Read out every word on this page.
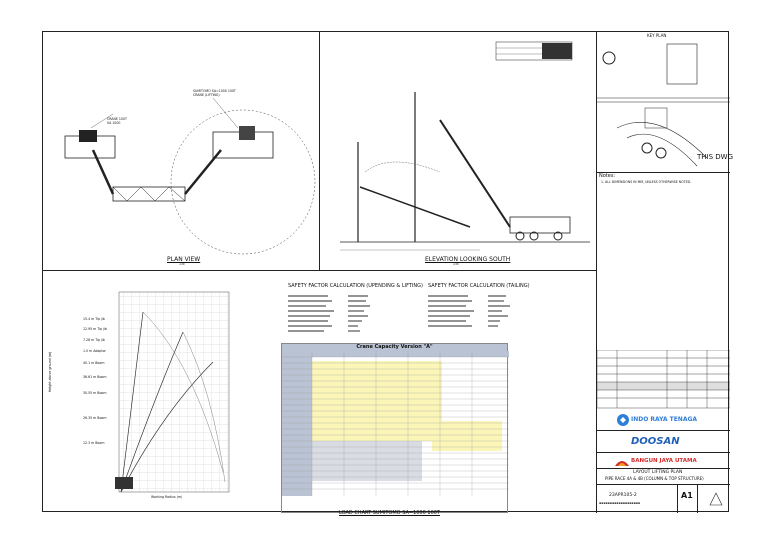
CRANE 100T
SA 1000
SUMITOMO SA=1000 100T
CRANE (LIFTING)
PLAN VIEW
1:N
ELEVATION LOOKING SOUTH
1:N
KEY PLAN
THIS DWG
Notes:
1. ALL DIMENSIONS IN MM, UNLESS OTHERWISE NOTED.
Height above ground (m)
Working Radius (m)
15.4 m Tip jib
12.95 m Tip jib
7.28 m Tip jib
1.0 m Adaptor
40.1 m Boom
36.61 m Boom
30.55 m Boom
26.35 m Boom
12.3 m Boom
SAFETY FACTOR CALCULATION (UPENDING & LIFTING) SAFETY FACTOR CALCULATION (TAILING)
Crane Capacity Version "A"
LOAD CHART SUMITOMO SA=1000 100T
INDO RAYA TENAGA
DOOSAN
BANGUN JAYA UTAMA
LAYOUT LIFTING PLAN
PIPE RACE 4A & 4B (COLUMN & TOP STRUCTURE)
23APR105-2	A1
▪▪▪▪▪▪▪▪▪▪▪▪▪▪▪▪▪▪▪
